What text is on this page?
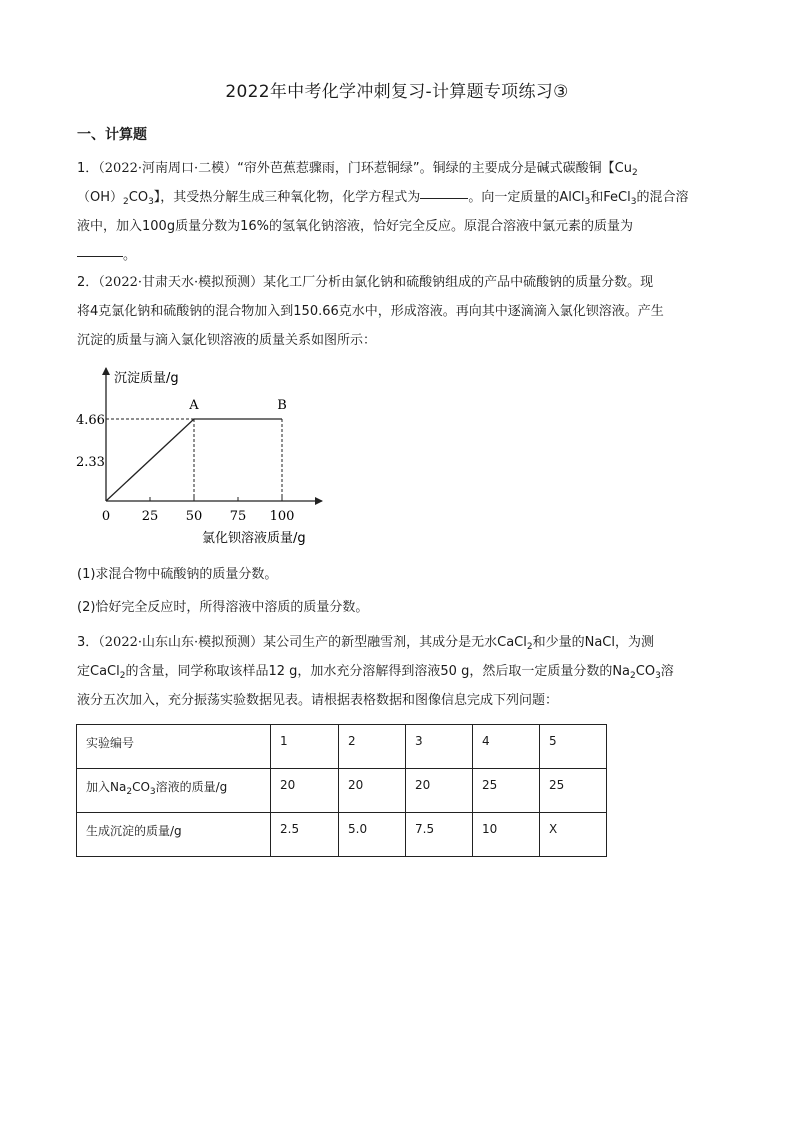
2022年中考化学冲刺复习-计算题专项练习③
一、计算题
1．（2022·河南周口·二模）“帘外芭蕉惹骤雨，门环惹铜绿”。铜绿的主要成分是碱式碳酸铜【$Cu_2$
$(OH)_2CO_3$】，其受热分解生成三种氧化物，化学方程式为	。向一定质量的AlCl$_3$和FeCl$_3$的混合溶
液中，加入100g质量分数为16%的氢氧化钠溶液，恰好完全反应。原混合溶液中氯元素的质量为
。
2．（2022·甘肃天水·模拟预测）某化工厂分析由氯化钠和硫酸钠组成的产品中硫酸钠的质量分数。现
将4克氯化钠和硫酸钠的混合物加入到150.66克水中，形成溶液。再向其中逐滴滴入氯化钡溶液。产生
沉淀的质量与滴入氯化钡溶液的质量关系如图所示：
沉淀质量/g
氯化钡溶液质量/g
4.66
2.33
0 25 50 75 100
A	B
(1)求混合物中硫酸钠的质量分数。
(2)恰好完全反应时，所得溶液中溶质的质量分数。
3．（2022·山东山东·模拟预测）某公司生产的新型融雪剂，其成分是无水CaCl$_2$和少量的NaCl，为测
定CaCl$_2$的含量，同学称取该样品12 g，加水充分溶解得到溶液50 g，然后取一定质量分数的$Na_2CO_3$溶
液分五次加入，充分振荡实验数据见表。请根据表格数据和图像信息完成下列问题：
实验编号	1	2	3	4	5
加入$Na_2CO_3$溶液的质量/g	20	20	20	25	25
生成沉淀的质量/g	2.5	5.0	7.5	10	X
